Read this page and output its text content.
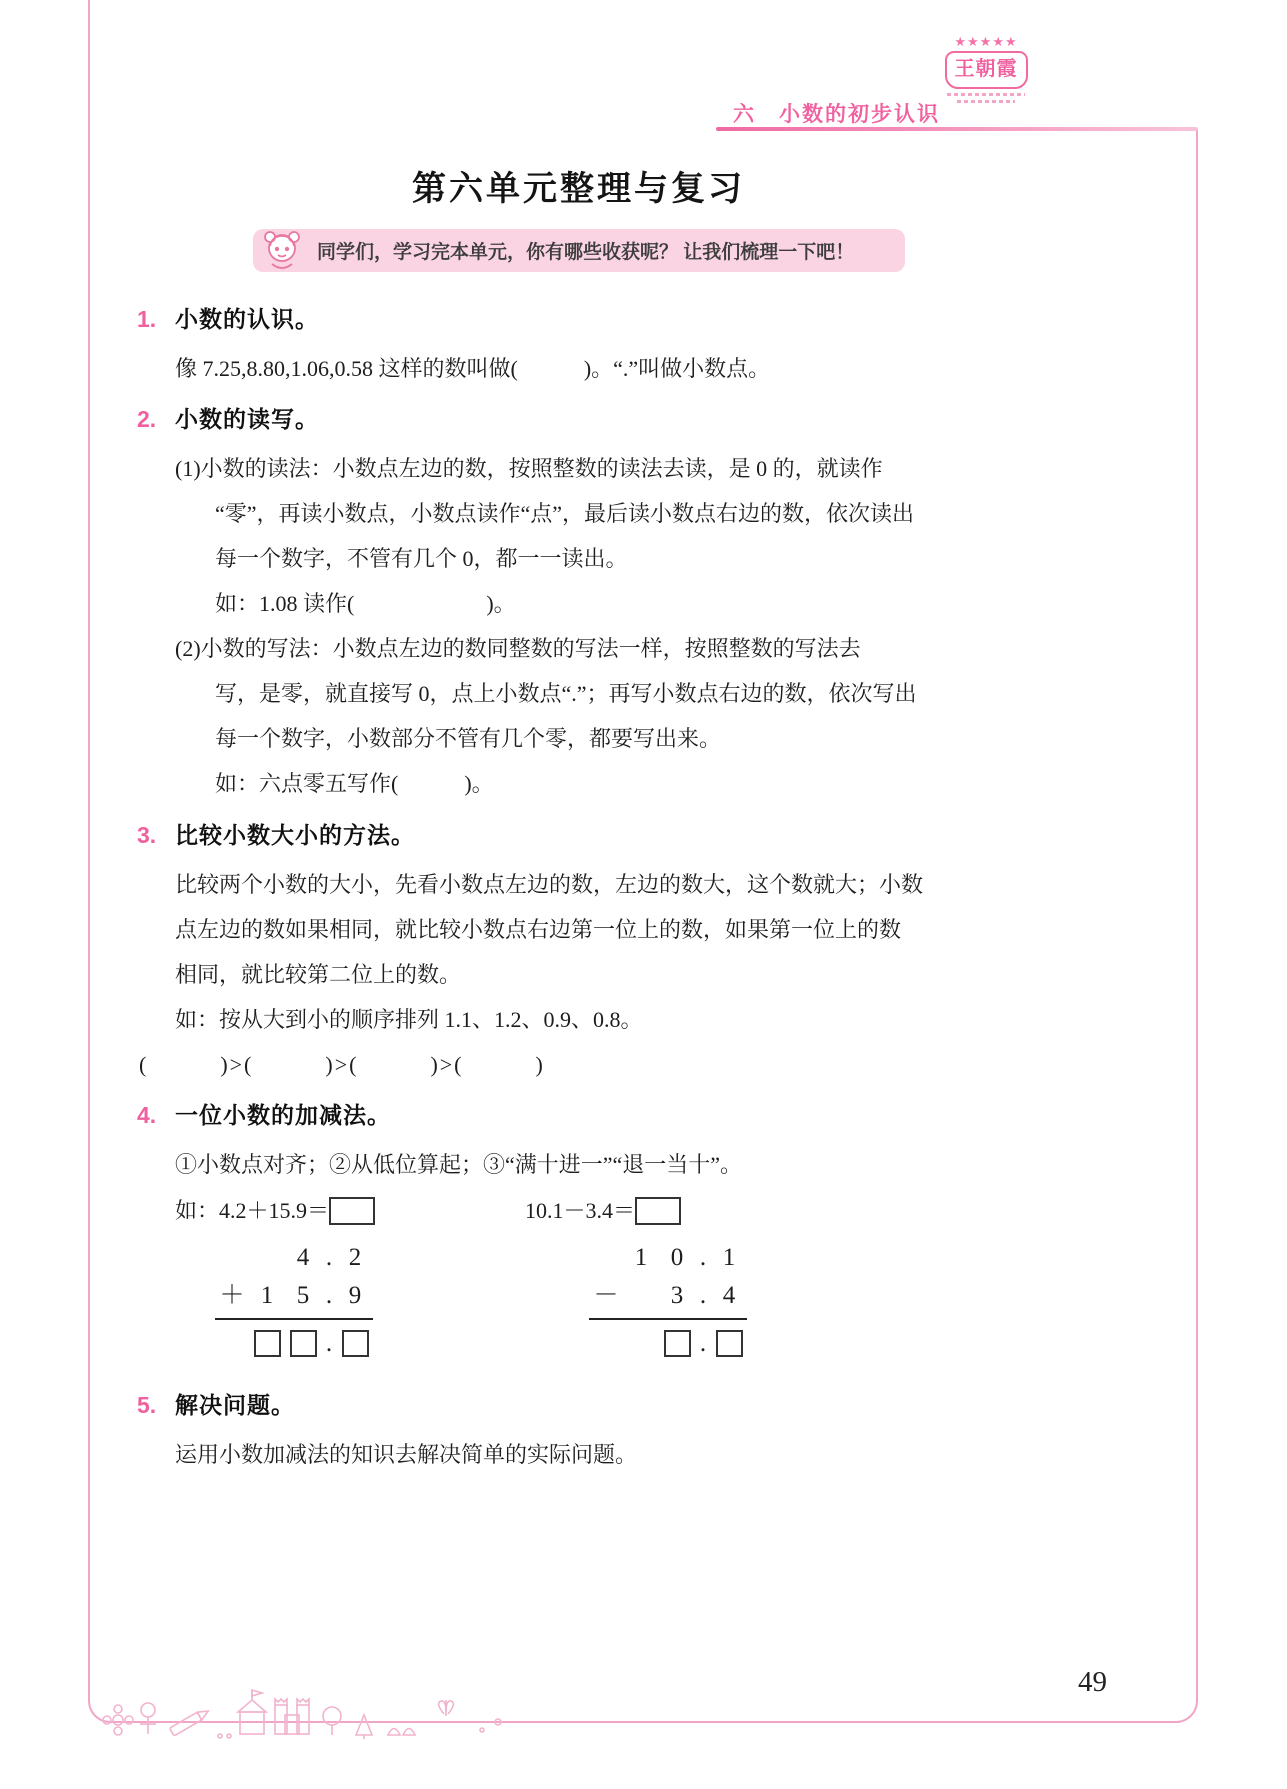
六　小数的初步认识
★★★★★
王朝霞
第六单元整理与复习
同学们，学习完本单元，你有哪些收获呢？ 让我们梳理一下吧！
1. 小数的认识。
像 7.25,8.80,1.06,0.58 这样的数叫做(　　　)。“.”叫做小数点。
2. 小数的读写。
(1)小数的读法：小数点左边的数，按照整数的读法去读，是 0 的，就读作
“零”，再读小数点，小数点读作“点”，最后读小数点右边的数，依次读出
每一个数字，不管有几个 0，都一一读出。
如：1.08 读作(　　　　　　)。
(2)小数的写法：小数点左边的数同整数的写法一样，按照整数的写法去
写，是零，就直接写 0，点上小数点“.”；再写小数点右边的数，依次写出
每一个数字，小数部分不管有几个零，都要写出来。
如：六点零五写作(　　　)。
3. 比较小数大小的方法。
比较两个小数的大小，先看小数点左边的数，左边的数大，这个数就大；小数
点左边的数如果相同，就比较小数点右边第一位上的数，如果第一位上的数
相同，就比较第二位上的数。
如：按从大到小的顺序排列 1.1、1.2、0.9、0.8。
(　　　)>(　　　)>(　　　)>(　　　)
4. 一位小数的加减法。
①小数点对齐；②从低位算起；③“满十进一”“退一当十”。
如：4.2＋15.9＝	10.1－3.4＝
4 . 2
＋ 1 5 . 9
.
1 0 . 1
－	3 . 4
.
5. 解决问题。
运用小数加减法的知识去解决简单的实际问题。
49
